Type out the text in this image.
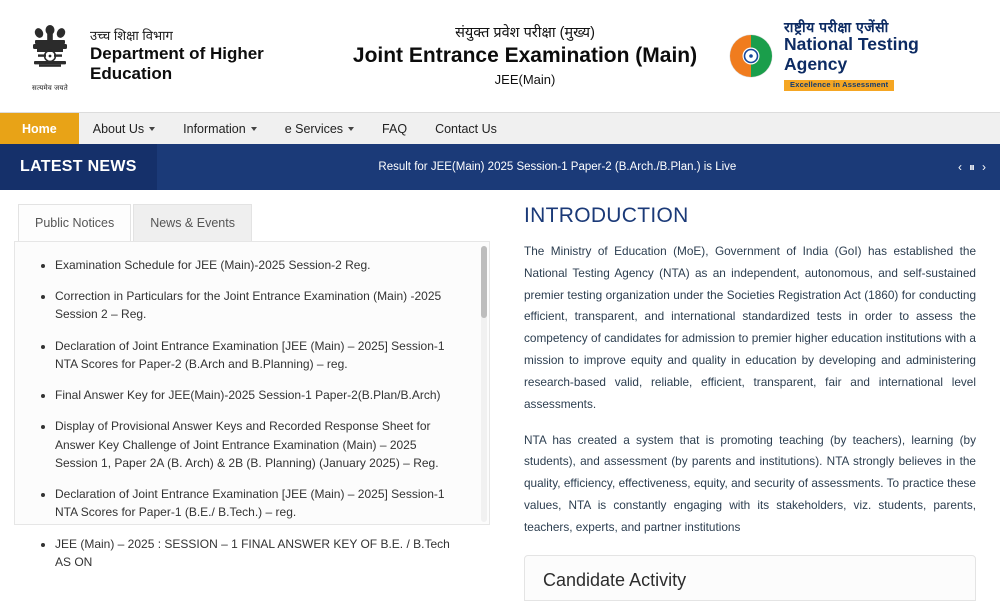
सत्यमेव जयते
उच्च शिक्षा विभाग
Department of Higher Education
संयुक्त प्रवेश परीक्षा (मुख्य)
Joint Entrance Examination (Main)
JEE(Main)
राष्ट्रीय परीक्षा एजेंसी
National Testing Agency
Excellence in Assessment
Home	About Us	Information	e Services	FAQ Contact Us
LATEST NEWS	Result for JEE(Main) 2025 Session-1 Paper-2 (B.Arch./B.Plan.) is Live	‹ ⏸ ›
Public Notices	News & Events
• Examination Schedule for JEE (Main)-2025 Session-2 Reg.
• Correction in Particulars for the Joint Entrance Examination (Main) -2025 Session 2 – Reg.
• Declaration of Joint Entrance Examination [JEE (Main) – 2025] Session-1 NTA Scores for Paper-2 (B.Arch and B.Planning) – reg.
• Final Answer Key for JEE(Main)-2025 Session-1 Paper-2(B.Plan/B.Arch)
• Display of Provisional Answer Keys and Recorded Response Sheet for Answer Key Challenge of Joint Entrance Examination (Main) – 2025 Session 1, Paper 2A (B. Arch) & 2B (B. Planning) (January 2025) – Reg.
• Declaration of Joint Entrance Examination [JEE (Main) – 2025] Session-1 NTA Scores for Paper-1 (B.E./ B.Tech.) – reg.
• JEE (Main) – 2025 : SESSION – 1 FINAL ANSWER KEY OF B.E. / B.Tech AS ON
INTRODUCTION

The Ministry of Education (MoE), Government of India (GoI) has established the National Testing Agency (NTA) as an independent, autonomous, and self-sustained premier testing organization under the Societies Registration Act (1860) for conducting efficient, transparent, and international standardized tests in order to assess the competency of candidates for admission to premier higher education institutions with a mission to improve equity and quality in education by developing and administering research-based valid, reliable, efficient, transparent, fair and international level assessments.

NTA has created a system that is promoting teaching (by teachers), learning (by students), and assessment (by parents and institutions). NTA strongly believes in the quality, efficiency, effectiveness, equity, and security of assessments. To practice these values, NTA is constantly engaging with its stakeholders, viz. students, parents, teachers, experts, and partner institutions

Candidate Activity
